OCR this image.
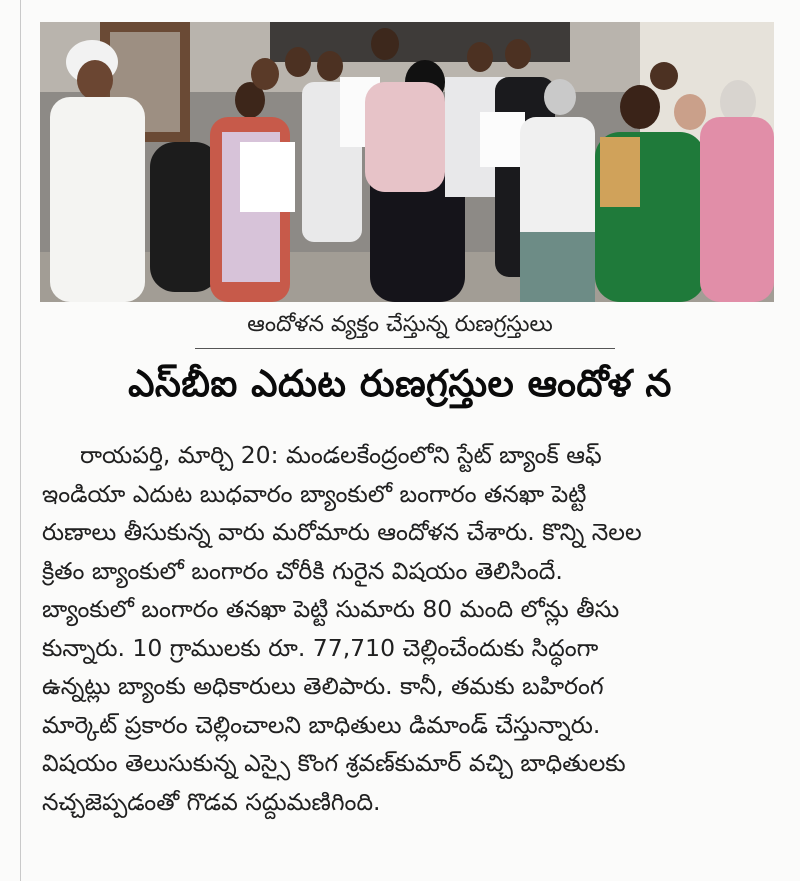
ఆందోళన వ్యక్తం చేస్తున్న రుణగ్రస్తులు
ఎస్‌బీఐ ఎదుట రుణగ్రస్తుల ఆందోళ న
రాయపర్తి, మార్చి 20: మండలకేంద్రంలోని స్టేట్ బ్యాంక్ ఆఫ్
ఇండియా ఎదుట బుధవారం బ్యాంకులో బంగారం తనఖా పెట్టి
రుణాలు తీసుకున్న వారు మరోమారు ఆందోళన చేశారు. కొన్ని నెలల
క్రితం బ్యాంకులో బంగారం చోరీకి గురైన విషయం తెలిసిందే.
బ్యాంకులో బంగారం తనఖా పెట్టి సుమారు 80 మంది లోన్లు తీసు
కున్నారు. 10 గ్రాములకు రూ. 77,710 చెల్లించేందుకు సిద్ధంగా
ఉన్నట్లు బ్యాంకు అధికారులు తెలిపారు. కానీ, తమకు బహిరంగ
మార్కెట్ ప్రకారం చెల్లించాలని బాధితులు డిమాండ్ చేస్తున్నారు.
విషయం తెలుసుకున్న ఎస్సై కొంగ శ్రవణ్‌కుమార్ వచ్చి బాధితులకు
నచ్చజెప్పడంతో గొడవ సద్దుమణిగింది.
